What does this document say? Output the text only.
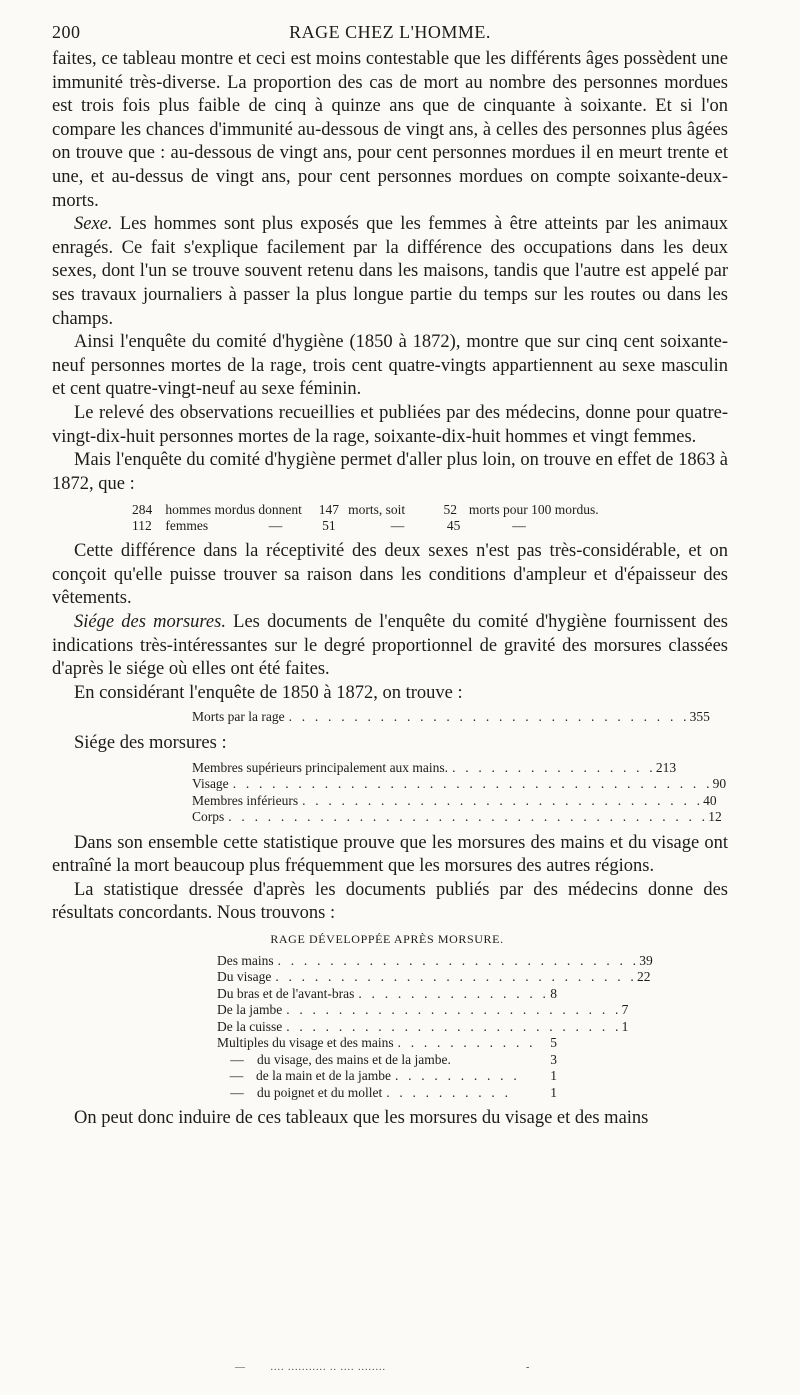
200	RAGE CHEZ L'HOMME.

faites, ce tableau montre et ceci est moins contestable que les différents âges possèdent une immunité très-diverse. La proportion des cas de mort au nombre des personnes mordues est trois fois plus faible de cinq à quinze ans que de cinquante à soixante. Et si l'on compare les chances d'immunité au-dessous de vingt ans, à celles des personnes plus âgées on trouve que : au-dessous de vingt ans, pour cent personnes mordues il en meurt trente et une, et au-dessus de vingt ans, pour cent personnes mordues on compte soixante-deux-morts.

Sexe. Les hommes sont plus exposés que les femmes à être atteints par les animaux enragés. Ce fait s'explique facilement par la différence des occupations dans les deux sexes, dont l'un se trouve souvent retenu dans les maisons, tandis que l'autre est appelé par ses travaux journaliers à passer la plus longue partie du temps sur les routes ou dans les champs.

Ainsi l'enquête du comité d'hygiène (1850 à 1872), montre que sur cinq cent soixante-neuf personnes mortes de la rage, trois cent quatre-vingts appartiennent au sexe masculin et cent quatre-vingt-neuf au sexe féminin.

Le relevé des observations recueillies et publiées par des médecins, donne pour quatre-vingt-dix-huit personnes mortes de la rage, soixante-dix-huit hommes et vingt femmes.

Mais l'enquête du comité d'hygiène permet d'aller plus loin, on trouve en effet de 1863 à 1872, que :

284 hommes mordus donnent 147 morts, soit	52 morts pour 100 mordus.
112 femmes	—	51	—	45	—

Cette différence dans la réceptivité des deux sexes n'est pas très-considérable, et on conçoit qu'elle puisse trouver sa raison dans les conditions d'ampleur et d'épaisseur des vêtements.

Siége des morsures. Les documents de l'enquête du comité d'hygiène fournissent des indications très-intéressantes sur le degré proportionnel de gravité des morsures classées d'après le siége où elles ont été faites.

En considérant l'enquête de 1850 à 1872, on trouve :

Morts par la rage . . . . . . . . . . . . . . . . . . . . . . . . . . . . . . . 355

Siége des morsures :

Membres supérieurs principalement aux mains. . . . . . . . . . . . . . . . . 213
Visage . . . . . . . . . . . . . . . . . . . . . . . . . . . . . . . . . . . . . 90
Membres inférieurs . . . . . . . . . . . . . . . . . . . . . . . . . . . . . . . 40
Corps . . . . . . . . . . . . . . . . . . . . . . . . . . . . . . . . . . . . . 12

Dans son ensemble cette statistique prouve que les morsures des mains et du visage ont entraîné la mort beaucoup plus fréquemment que les morsures des autres régions.

La statistique dressée d'après les documents publiés par des médecins donne des résultats concordants. Nous trouvons :

RAGE DÉVELOPPÉE APRÈS MORSURE.
Des mains . . . . . . . . . . . . . . . . . . . . . . . . . . . . 39
Du visage . . . . . . . . . . . . . . . . . . . . . . . . . . . . 22
Du bras et de l'avant-bras . . . . . . . . . . . . . . . 8
De la jambe . . . . . . . . . . . . . . . . . . . . . . . . . . 7
De la cuisse . . . . . . . . . . . . . . . . . . . . . . . . . . 1
Multiples du visage et des mains . . . . . . . . . . .	5
— du visage, des mains et de la jambe.	3
— de la main et de la jambe . . . . . . . . . .	1
— du poignet et du mollet . . . . . . . . . .	1

On peut donc induire de ces tableaux que les morsures du visage et des mains

—       .... ........... .. .... ........                                        -
